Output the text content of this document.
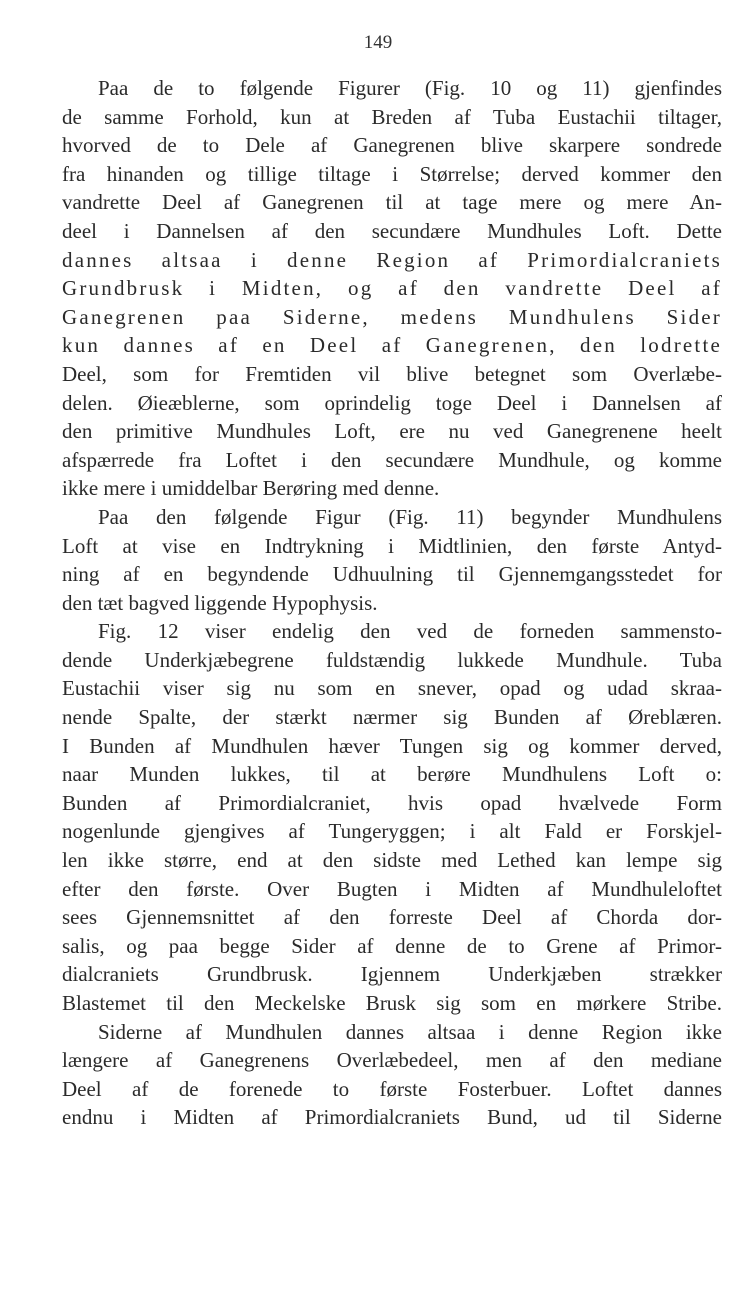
149
Paa de to følgende Figurer (Fig. 10 og 11) gjenfindes
de samme Forhold, kun at Breden af Tuba Eustachii tiltager,
hvorved de to Dele af Ganegrenen blive skarpere sondrede
fra hinanden og tillige tiltage i Størrelse; derved kommer den
vandrette Deel af Ganegrenen til at tage mere og mere An-
deel i Dannelsen af den secundære Mundhules Loft. Dette
dannes altsaa i denne Region af Primordialcraniets
Grundbrusk i Midten, og af den vandrette Deel af
Ganegrenen paa Siderne, medens Mundhulens Sider
kun dannes af en Deel af Ganegrenen, den lodrette
Deel, som for Fremtiden vil blive betegnet som Overlæbe-
delen. Øieæblerne, som oprindelig toge Deel i Dannelsen af
den primitive Mundhules Loft, ere nu ved Ganegrenene heelt
afspærrede fra Loftet i den secundære Mundhule, og komme
ikke mere i umiddelbar Berøring med denne.
Paa den følgende Figur (Fig. 11) begynder Mundhulens
Loft at vise en Indtrykning i Midtlinien, den første Antyd-
ning af en begyndende Udhuulning til Gjennemgangsstedet for
den tæt bagved liggende Hypophysis.
Fig. 12 viser endelig den ved de forneden sammensto-
dende Underkjæbegrene fuldstændig lukkede Mundhule. Tuba
Eustachii viser sig nu som en snever, opad og udad skraa-
nende Spalte, der stærkt nærmer sig Bunden af Øreblæren.
I Bunden af Mundhulen hæver Tungen sig og kommer derved,
naar Munden lukkes, til at berøre Mundhulens Loft o:
Bunden af Primordialcraniet, hvis opad hvælvede Form
nogenlunde gjengives af Tungeryggen; i alt Fald er Forskjel-
len ikke større, end at den sidste med Lethed kan lempe sig
efter den første. Over Bugten i Midten af Mundhuleloftet
sees Gjennemsnittet af den forreste Deel af Chorda dor-
salis, og paa begge Sider af denne de to Grene af Primor-
dialcraniets Grundbrusk. Igjennem Underkjæben strækker
Blastemet til den Meckelske Brusk sig som en mørkere Stribe.
Siderne af Mundhulen dannes altsaa i denne Region ikke
længere af Ganegrenens Overlæbedeel, men af den mediane
Deel af de forenede to første Fosterbuer. Loftet dannes
endnu i Midten af Primordialcraniets Bund, ud til Siderne
